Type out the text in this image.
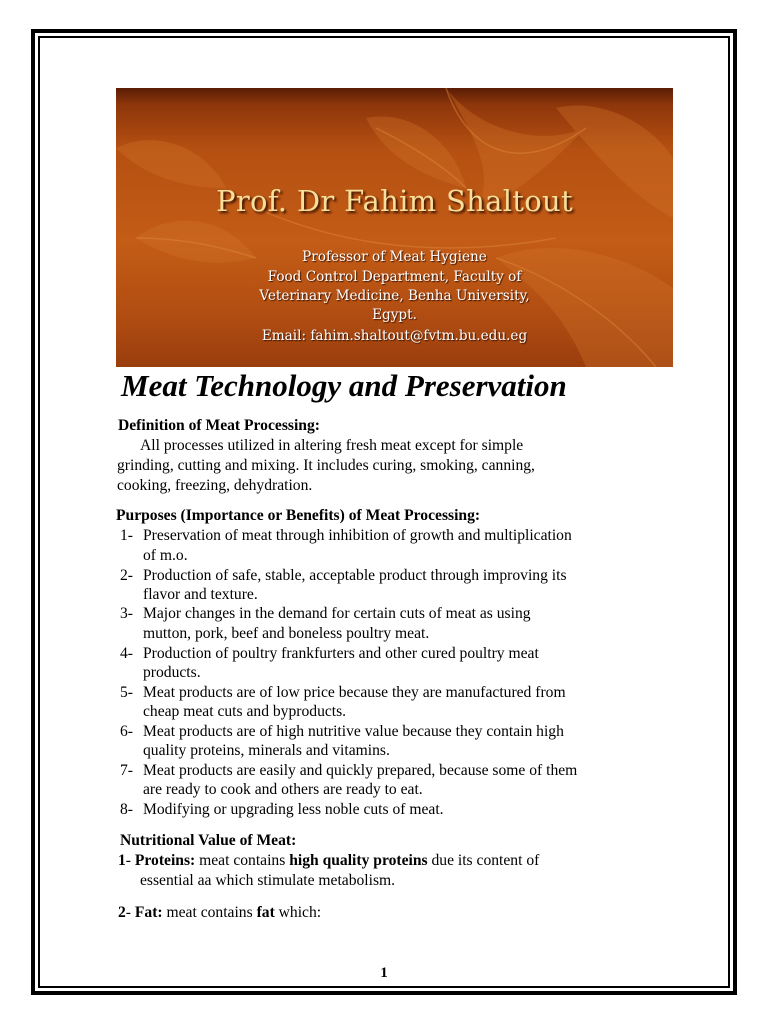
Prof. Dr Fahim Shaltout
Professor of Meat Hygiene
Food Control Department, Faculty of
Veterinary Medicine, Benha University,
Egypt.
Email: fahim.shaltout@fvtm.bu.edu.eg
Meat Technology and Preservation
Definition of Meat Processing:
All processes utilized in altering fresh meat except for simple
grinding, cutting and mixing. It includes curing, smoking, canning,
cooking, freezing, dehydration.
Purposes (Importance or Benefits) of Meat Processing:
1- Preservation of meat through inhibition of growth and multiplication
of m.o.
2- Production of safe, stable, acceptable product through improving its
flavor and texture.
3- Major changes in the demand for certain cuts of meat as using
mutton, pork, beef and boneless poultry meat.
4- Production of poultry frankfurters and other cured poultry meat
products.
5- Meat products are of low price because they are manufactured from
cheap meat cuts and byproducts.
6- Meat products are of high nutritive value because they contain high
quality proteins, minerals and vitamins.
7- Meat products are easily and quickly prepared, because some of them
are ready to cook and others are ready to eat.
8- Modifying or upgrading less noble cuts of meat.
Nutritional Value of Meat:
1- Proteins: meat contains high quality proteins due its content of
essential aa which stimulate metabolism.
2- Fat: meat contains fat which:
1
